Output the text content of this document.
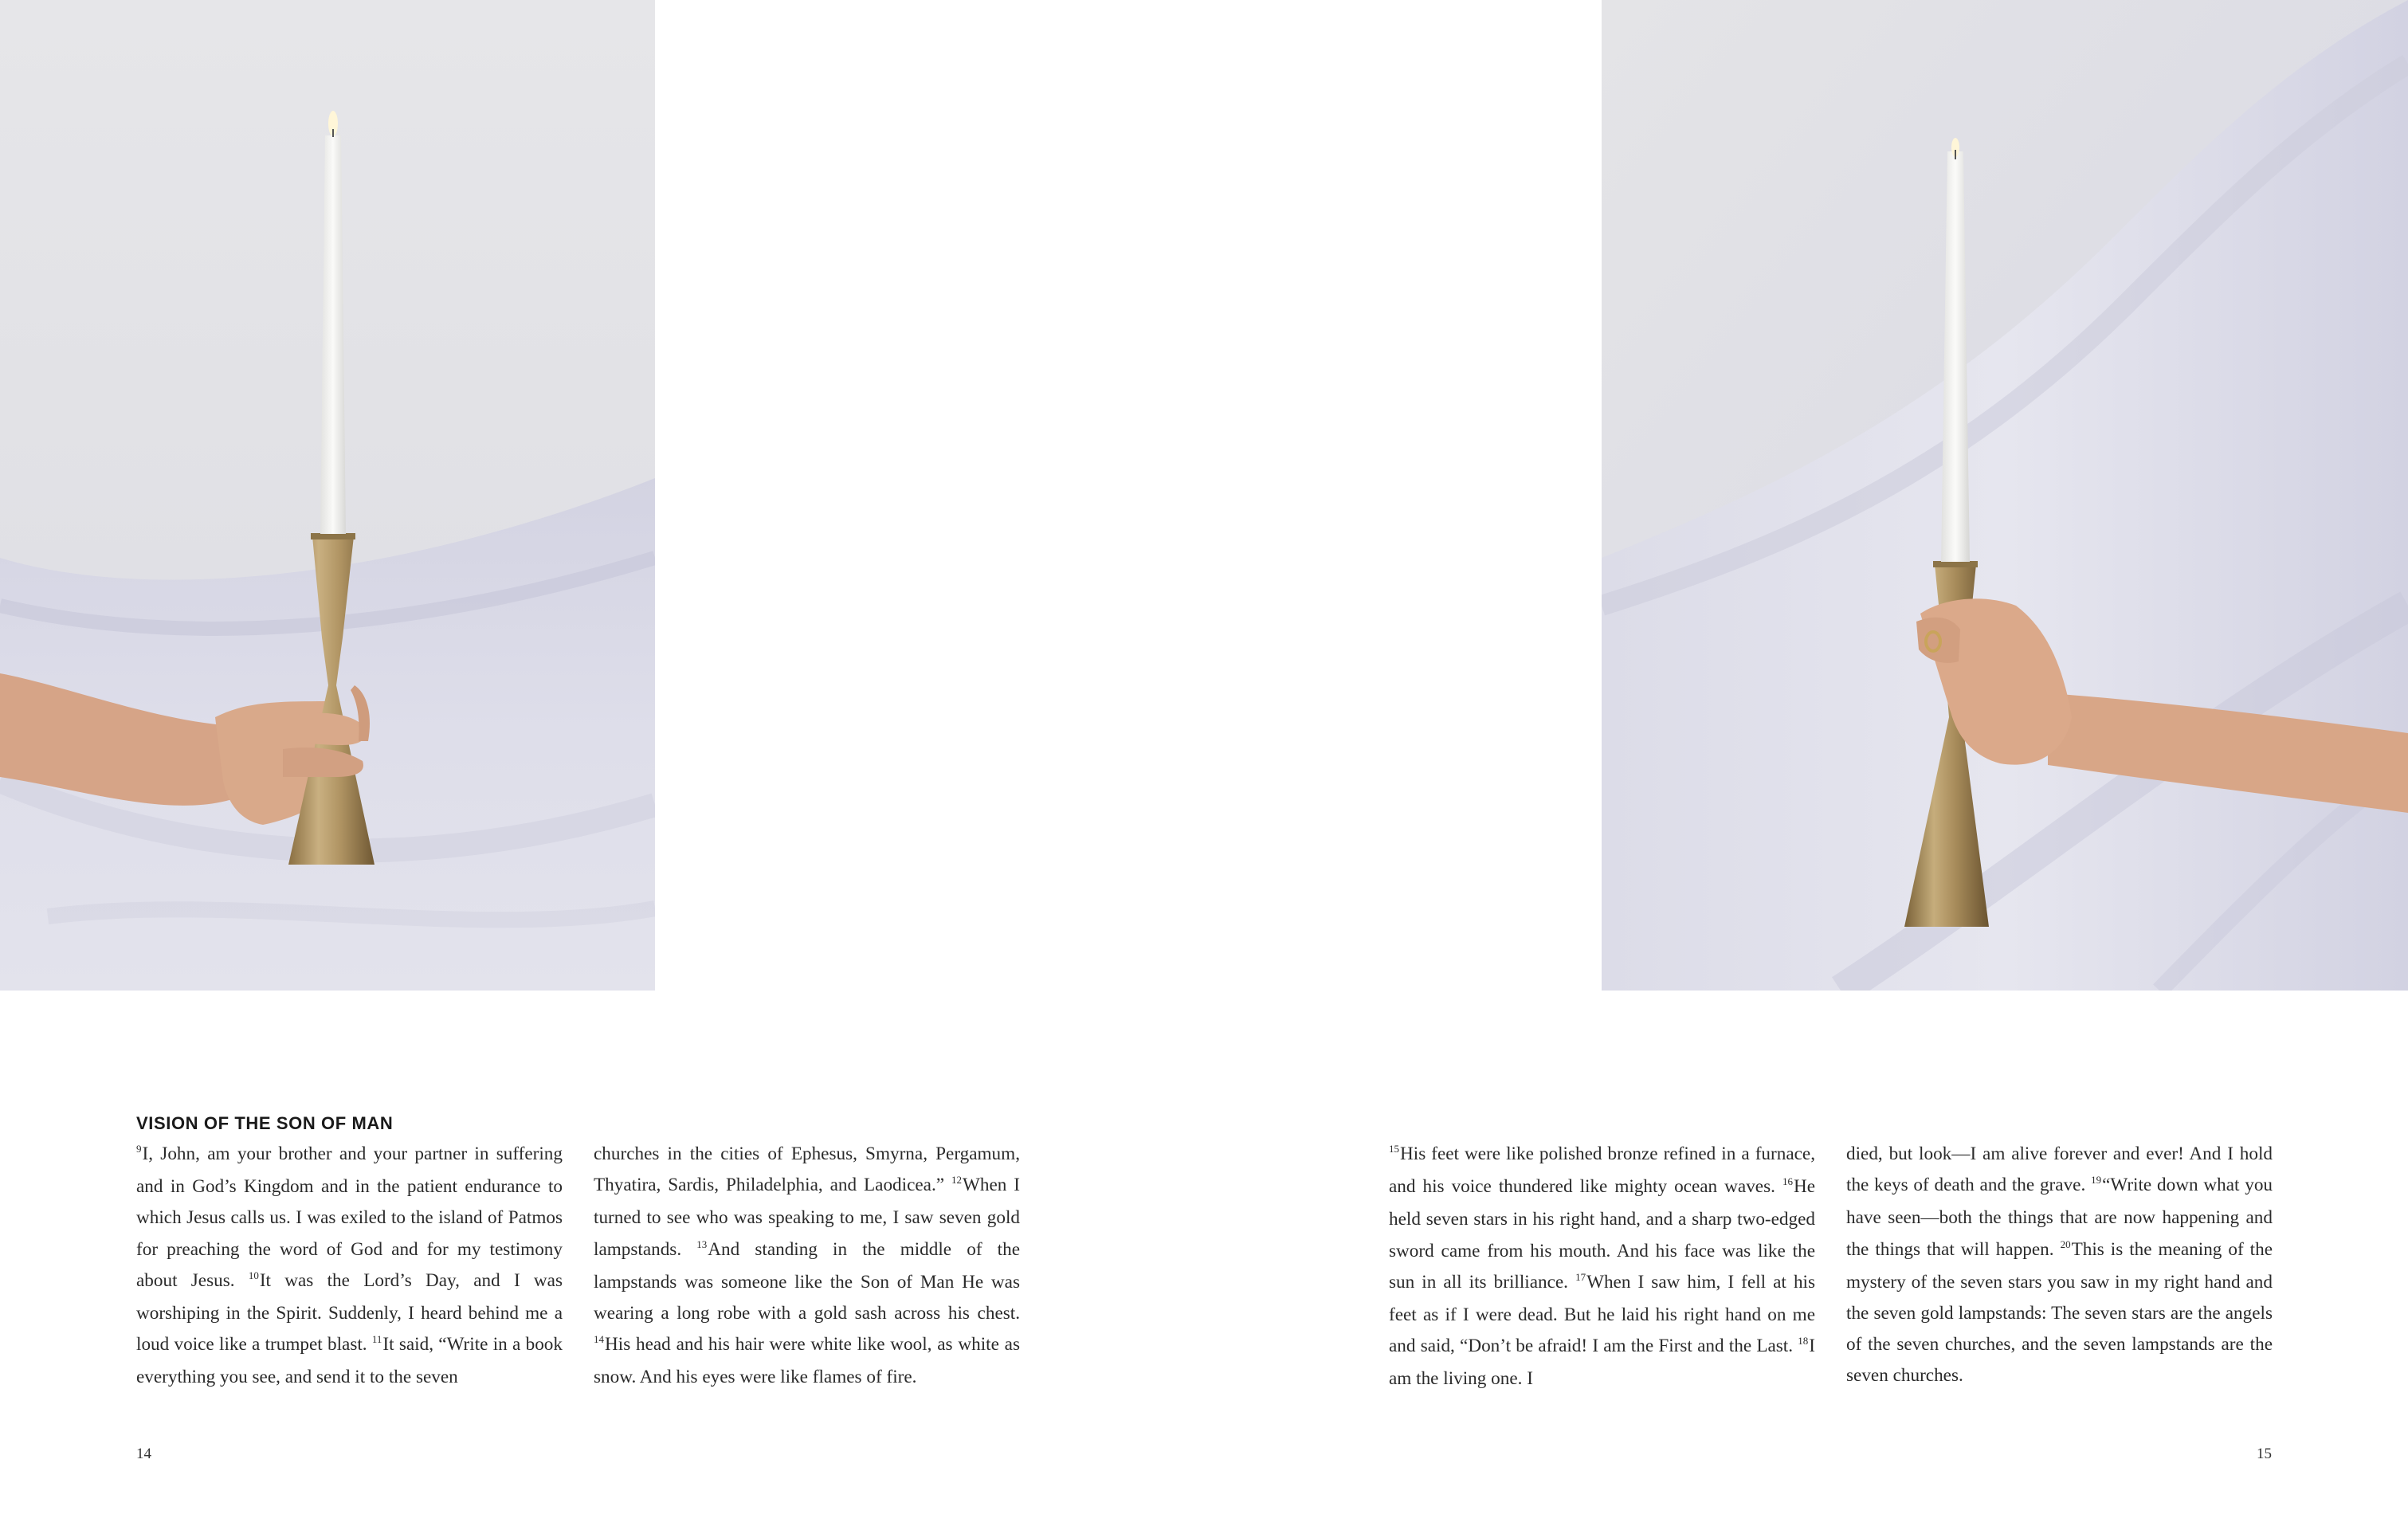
VISION OF THE SON OF MAN
$^9$I, John, am your brother and your partner in suffering and in God’s Kingdom and in the patient endurance to which Jesus calls us. I was exiled to the island of Patmos for preaching the word of God and for my testimony about Jesus. $^{10}$It was the Lord’s Day, and I was worshiping in the Spirit. Suddenly, I heard behind me a loud voice like a trumpet blast. $^{11}$It said, “Write in a book everything you see, and send it to the seven
churches in the cities of Ephesus, Smyrna, Pergamum, Thyatira, Sardis, Philadelphia, and Laodicea.” $^{12}$When I turned to see who was speaking to me, I saw seven gold lampstands. $^{13}$And standing in the middle of the lampstands was someone like the Son of Man He was wearing a long robe with a gold sash across his chest. $^{14}$His head and his hair were white like wool, as white as snow. And his eyes were like flames of fire.
$^{15}$His feet were like polished bronze refined in a furnace, and his voice thundered like mighty ocean waves. $^{16}$He held seven stars in his right hand, and a sharp two-edged sword came from his mouth. And his face was like the sun in all its brilliance. $^{17}$When I saw him, I fell at his feet as if I were dead. But he laid his right hand on me and said, “Don’t be afraid! I am the First and the Last. $^{18}$I am the living one. I
died, but look—I am alive forever and ever! And I hold the keys of death and the grave. $^{19}$“Write down what you have seen—both the things that are now happening and the things that will happen. $^{20}$This is the meaning of the mystery of the seven stars you saw in my right hand and the seven gold lampstands: The seven stars are the angels of the seven churches, and the seven lampstands are the seven churches.
14	15
